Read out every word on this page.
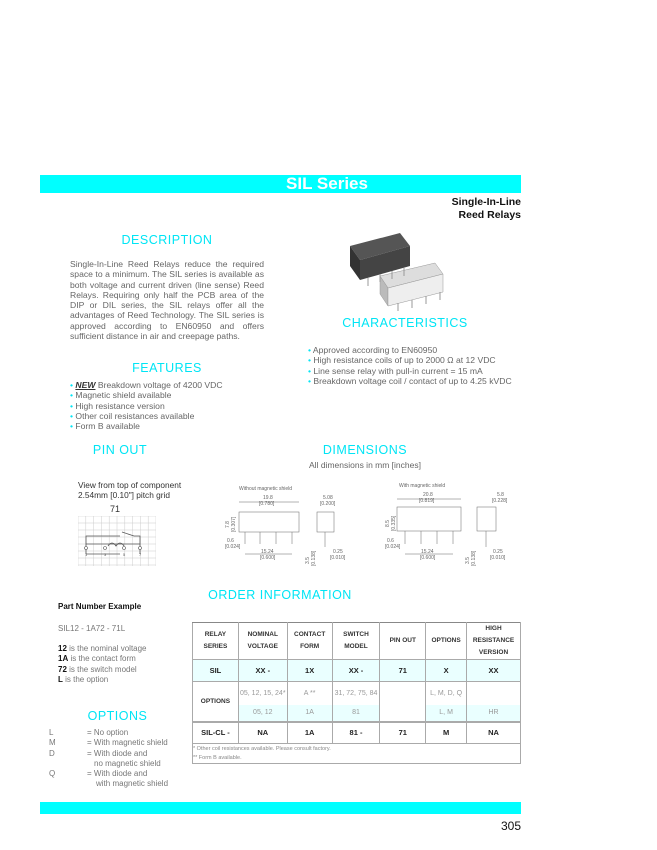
SIL Series
Single-In-Line
Reed Relays
DESCRIPTION
Single-In-Line Reed Relays reduce the required space to a minimum. The SIL series is available as both voltage and current driven (line sense) Reed Relays. Requiring only half the PCB area of the DIP or DIL series, the SIL relays offer all the advantages of Reed Technology. The SIL series is approved according to EN60950 and offers sufficient distance in air and creepage paths.
FEATURES
• NEW Breakdown voltage of 4200 VDC
• Magnetic shield available
• High resistance version
• Other coil resistances available
• Form B available
CHARACTERISTICS
• Approved according to EN60950
• High resistance coils of up to 2000 Ω at 12 VDC
• Line sense relay with pull-in current = 15 mA
• Breakdown voltage coil / contact of up to 4.25 kVDC
PIN OUT	DIMENSIONS
All dimensions in mm [inches]
View from top of component
2.54mm [0.10"] pitch grid
71
1	3	5	7
Without magnetic shield
19.8
[0.780]
5.08
[0.200]
7.8 [0.307]
0.6
[0.024]
15.24
[0.600]	3.5 [0.138]	0.25
[0.010]
With magnetic shield
20.8
[0.819]
5.8
[0.228]
8.5 [0.335]
0.6
[0.024]
15.24
[0.600]	3.5 [0.138]	0.25
[0.010]
ORDER INFORMATION
Part Number Example
SIL12 - 1A72 - 71L
12 is the nominal voltage
1A is the contact form
72 is the switch model
L is the option
OPTIONS
L	= No option
M	= With magnetic shield
D	= With diode and
no magnetic shield
Q	= With diode and
with magnetic shield
RELAY SERIES	NOMINAL VOLTAGE	CONTACT FORM	SWITCH MODEL	PIN OUT	OPTIONS	HIGH RESISTANCE VERSION
SIL	XX -	1X	XX -	71	X	XX
OPTIONS	05, 12, 15, 24*	A **	31, 72, 75, 84		L, M, D, Q	
	05, 12	1A	81		L, M	HR
SIL-CL -	NA	1A	81 -	71	M	NA
* Other coil resistances available. Please consult factory.						
** Form B available.						
305
